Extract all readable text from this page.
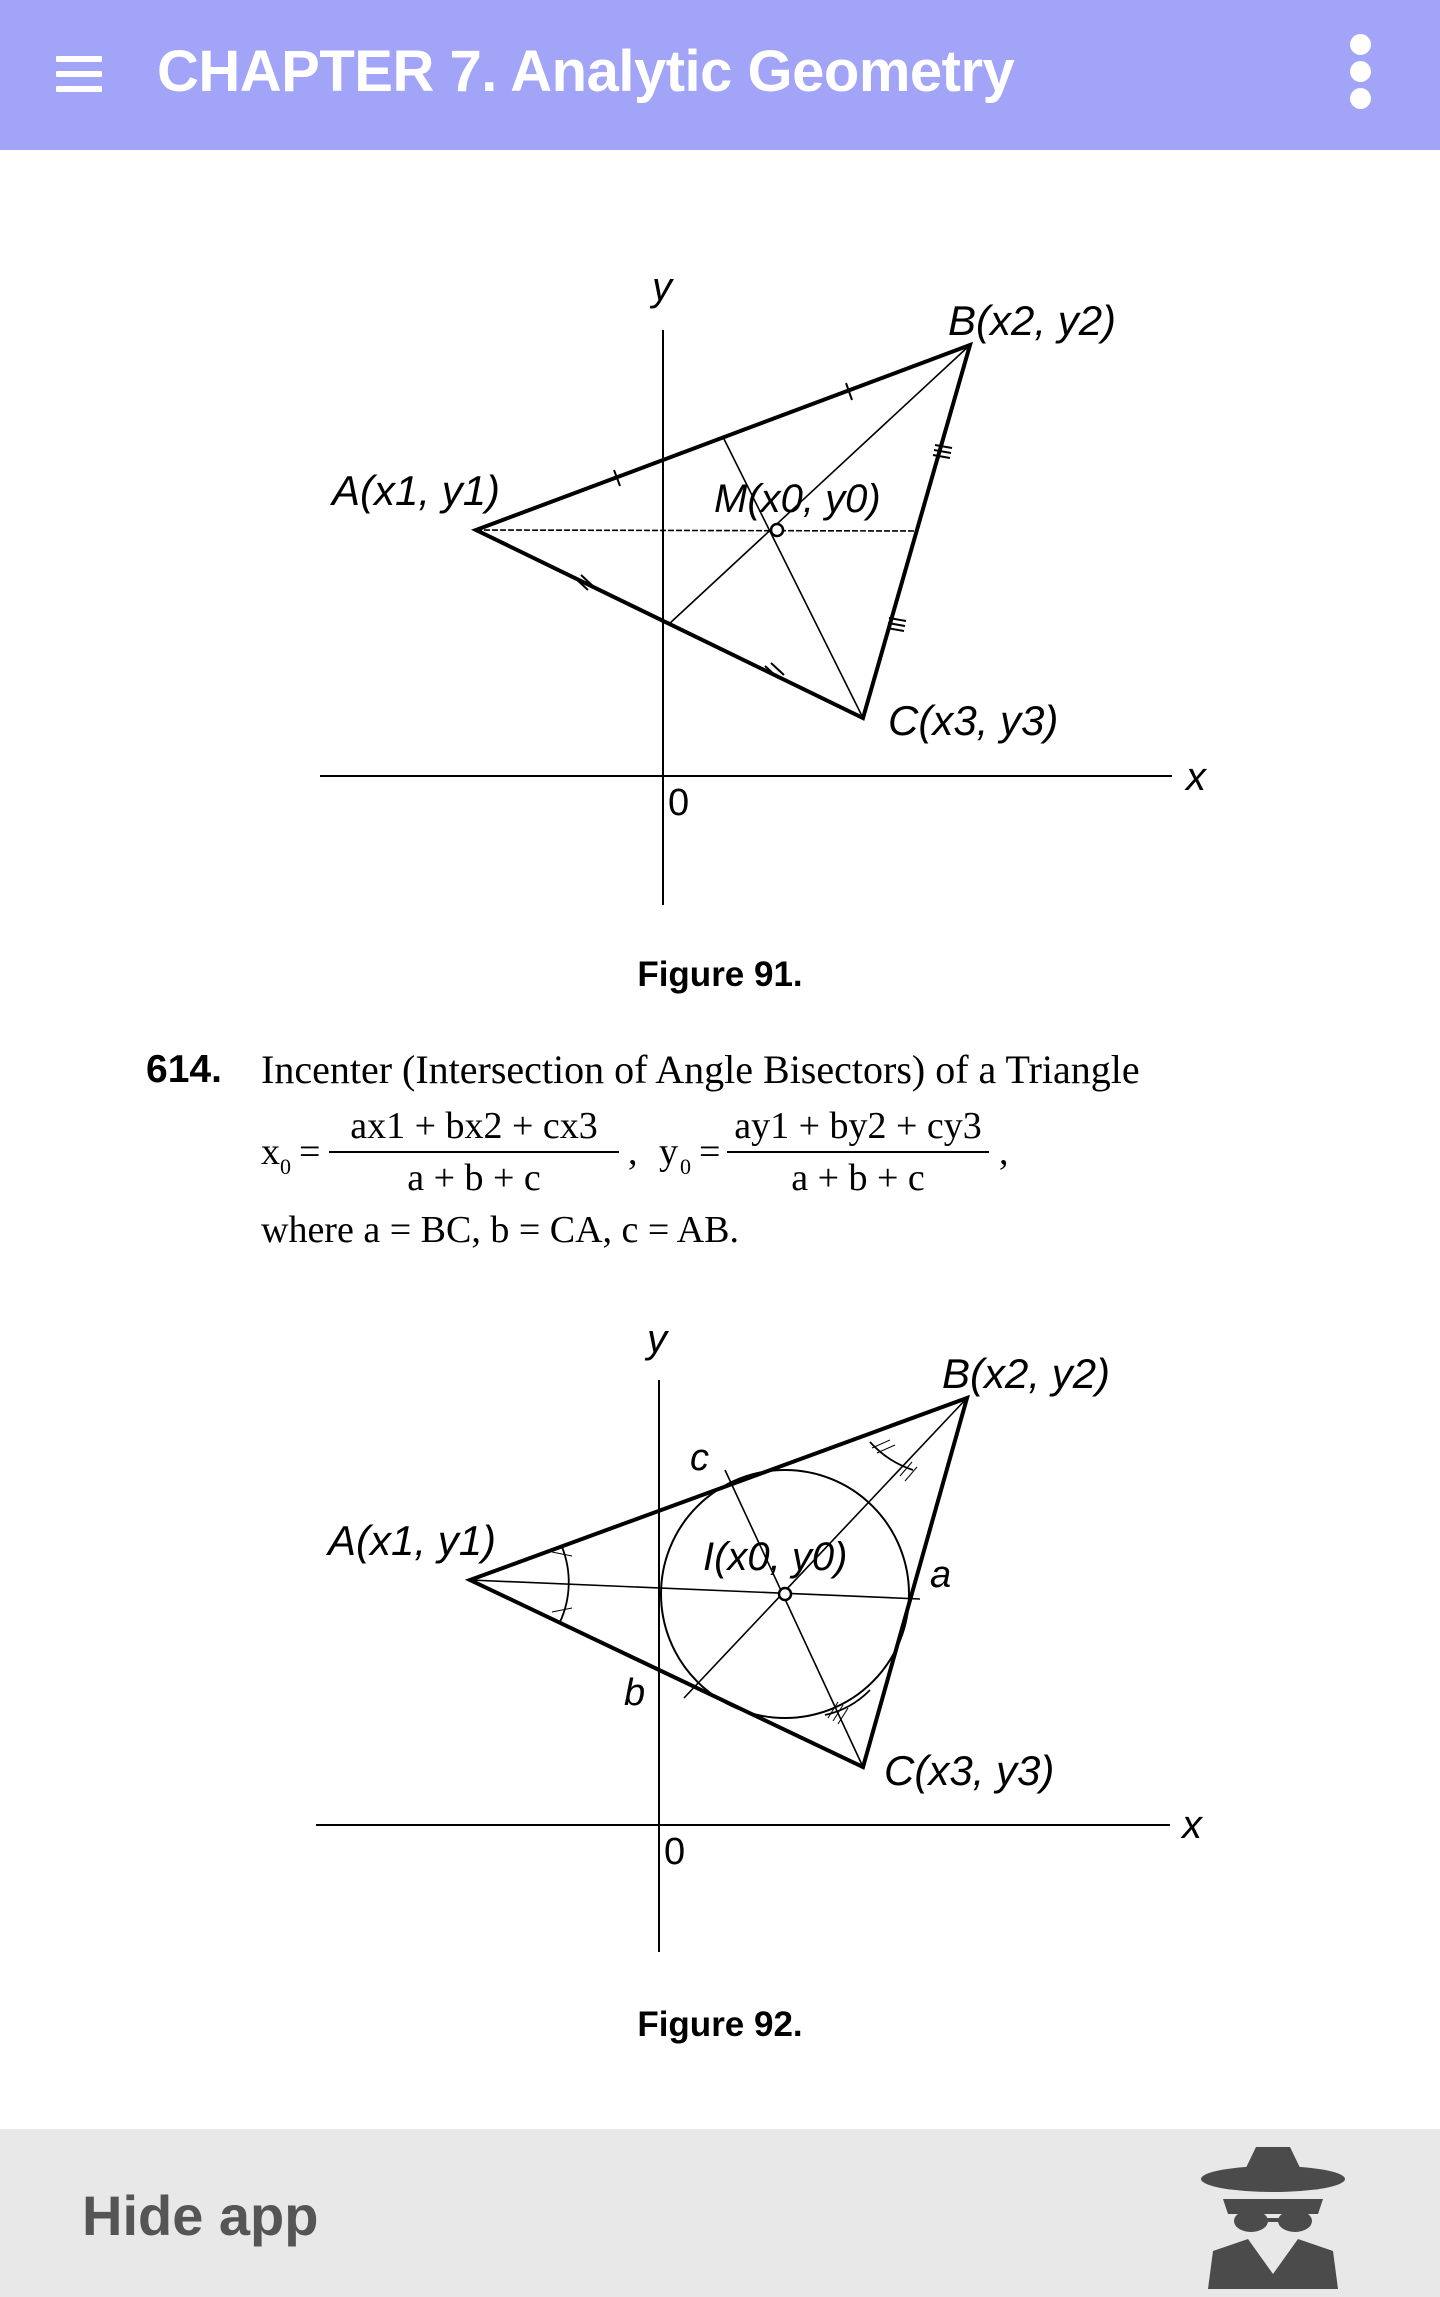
CHAPTER 7. Analytic Geometry
y
x
0
A(x1, y1)
B(x2, y2)
C(x3, y3)
M(x0, y0)
Figure 91.
614. Incenter (Intersection of Angle Bisectors) of a Triangle
x 0 =
ax1 + bx2 + cx3
a + b + c
, y 0 =
ay1 + by2 + cy3
a + b + c
,
where a = BC, b = CA, c = AB.
y
x
0
A(x1, y1)
B(x2, y2)
C(x3, y3)
I(x0, y0) a
b
c
Figure 92.
Hide app
